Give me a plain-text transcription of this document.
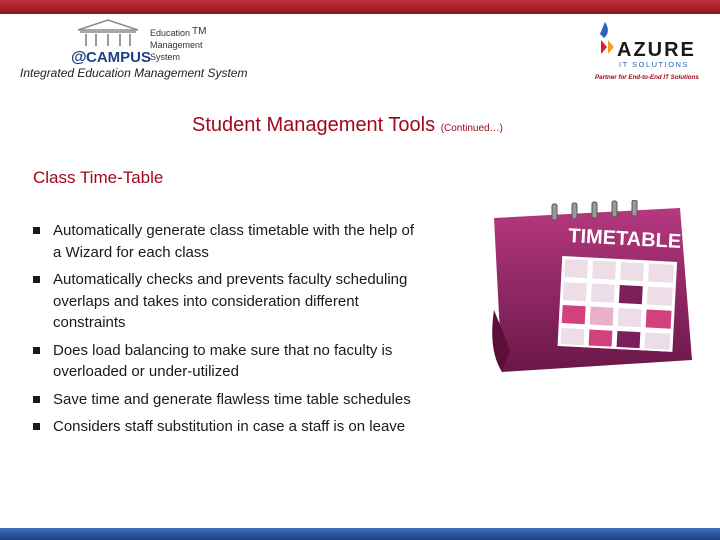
@ CAMPUS
Education TM
Management
System
Integrated Education Management System
AZURE
IT SOLUTIONS
Partner for End-to-End IT Solutions
Student Management Tools (Continued…)
Class Time-Table
Automatically generate class timetable with the help of a Wizard for each class
Automatically checks and prevents faculty scheduling overlaps and takes into consideration different constraints
Does load balancing to make sure that no faculty is overloaded or under-utilized
Save time and generate flawless time table schedules
Considers staff substitution in case a staff is on leave
TIMETABLE
